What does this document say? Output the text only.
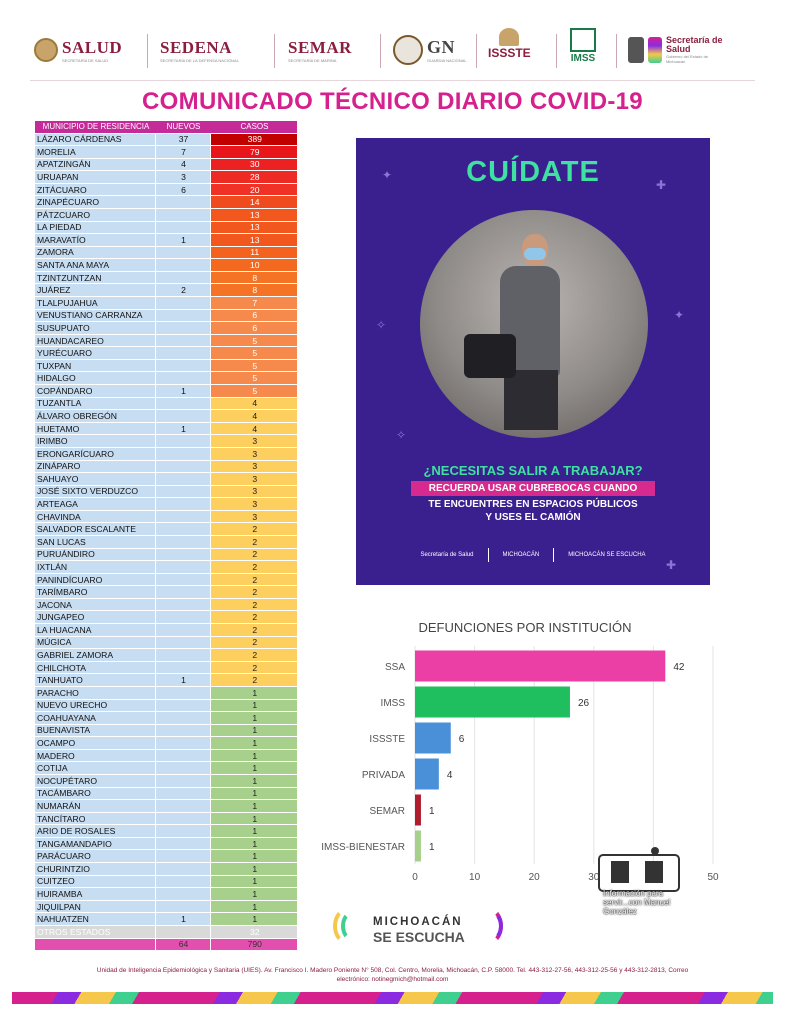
SALUD
SECRETARÍA DE SALUD
SEDENA
SECRETARÍA DE LA DEFENSA NACIONAL
SEMAR
SECRETARÍA DE MARINA
GN
GUARDIA NACIONAL
ISSSTE	IMSS
Secretaría de Salud
Gobierno del Estado de Michoacán
COMUNICADO TÉCNICO DIARIO COVID-19
MUNICIPIO DE RESIDENCIA	NUEVOS	CASOS
LÁZARO CÁRDENAS	37	389
MORELIA	7	79
APATZINGÁN	4	30
URUAPAN	3	28
ZITÁCUARO	6	20
ZINAPÉCUARO		14
PÁTZCUARO		13
LA PIEDAD		13
MARAVATÍO	1	13
ZAMORA		11
SANTA ANA MAYA		10
TZINTZUNTZAN		8
JUÁREZ	2	8
TLALPUJAHUA		7
VENUSTIANO CARRANZA		6
SUSUPUATO		6
HUANDACAREO		5
YURÉCUARO		5
TUXPAN		5
HIDALGO		5
COPÁNDARO	1	5
TUZANTLA		4
ÁLVARO OBREGÓN		4
HUETAMO	1	4
IRIMBO		3
ERONGARÍCUARO		3
ZINÁPARO		3
SAHUAYO		3
JOSÉ SIXTO VERDUZCO		3
ARTEAGA		3
CHAVINDA		3
SALVADOR ESCALANTE		2
SAN LUCAS		2
PURUÁNDIRO		2
IXTLÁN		2
PANINDÍCUARO		2
TARÍMBARO		2
JACONA		2
JUNGAPEO		2
LA HUACANA		2
MÚGICA		2
GABRIEL ZAMORA		2
CHILCHOTA		2
TANHUATO	1	2
PARACHO		1
NUEVO URECHO		1
COAHUAYANA		1
BUENAVISTA		1
OCAMPO		1
MADERO		1
COTIJA		1
NOCUPÉTARO		1
TACÁMBARO		1
NUMARÁN		1
TANCÍTARO		1
ARIO DE ROSALES		1
TANGAMANDAPIO		1
PARÁCUARO		1
CHURINTZIO		1
CUITZEO		1
HUIRAMBA		1
JIQUILPAN		1
NAHUATZEN	1	1
OTROS ESTADOS		32
	64	790
✦
✚
✧
✦
✧
✚
CUÍDATE
¿NECESITAS SALIR A TRABAJAR?
RECUERDA USAR CUBREBOCAS CUANDO
TE ENCUENTRES EN ESPACIOS PÚBLICOS
Y USES EL CAMIÓN
Secretaría de Salud	MICHOACÁN	MICHOACÁN SE ESCUCHA
DEFUNCIONES POR INSTITUCIÓN
0	10	20	30	50
SSA	42
IMSS	26
ISSSTE	6
PRIVADA	4
SEMAR 1
IMSS-BIENESTAR 1
Información para servir...con Manuel González
MICHOACÁN
SE ESCUCHA
Unidad de Inteligencia Epidemiológica y Sanitaria (UIES). Av. Francisco I. Madero Poniente N° 508, Col. Centro, Morelia, Michoacán, C.P. 58000. Tel. 443-312-27-56, 443-312-25-56 y 443-312-2813, Correo
electrónico: notinegmich@hotmail.com
